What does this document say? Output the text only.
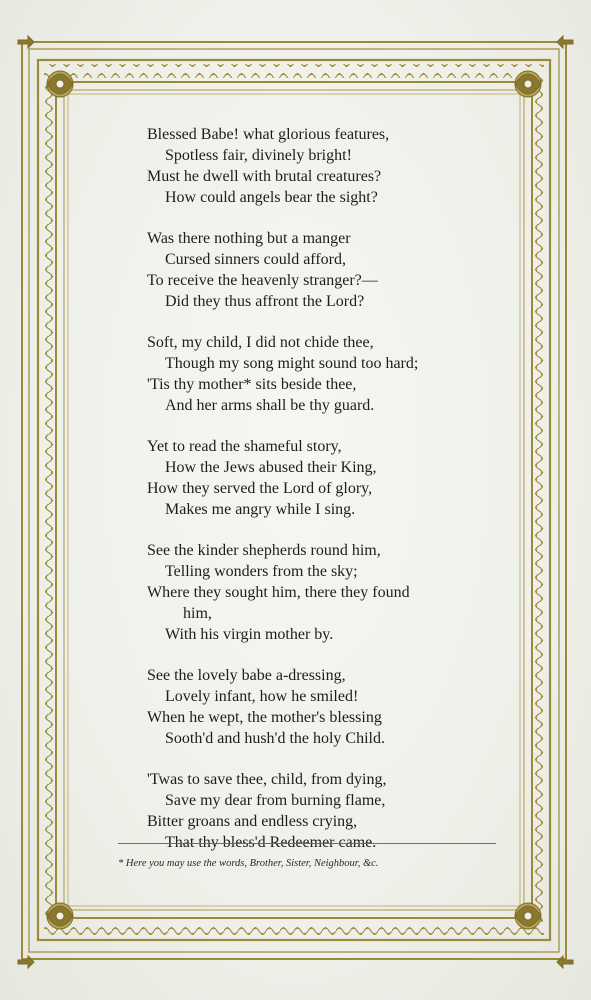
Blessed Babe! what glorious features,
Spotless fair, divinely bright!
Must he dwell with brutal creatures?
How could angels bear the sight?
Was there nothing but a manger
Cursed sinners could afford,
To receive the heavenly stranger?—
Did they thus affront the Lord?
Soft, my child, I did not chide thee,
Though my song might sound too hard;
'Tis thy mother* sits beside thee,
And her arms shall be thy guard.
Yet to read the shameful story,
How the Jews abused their King,
How they served the Lord of glory,
Makes me angry while I sing.
See the kinder shepherds round him,
Telling wonders from the sky;
Where they sought him, there they found
him,
With his virgin mother by.
See the lovely babe a-dressing,
Lovely infant, how he smiled!
When he wept, the mother's blessing
Sooth'd and hush'd the holy Child.
'Twas to save thee, child, from dying,
Save my dear from burning flame,
Bitter groans and endless crying,
That thy bless'd Redeemer came.
* Here you may use the words, Brother, Sister, Neighbour, &c.
